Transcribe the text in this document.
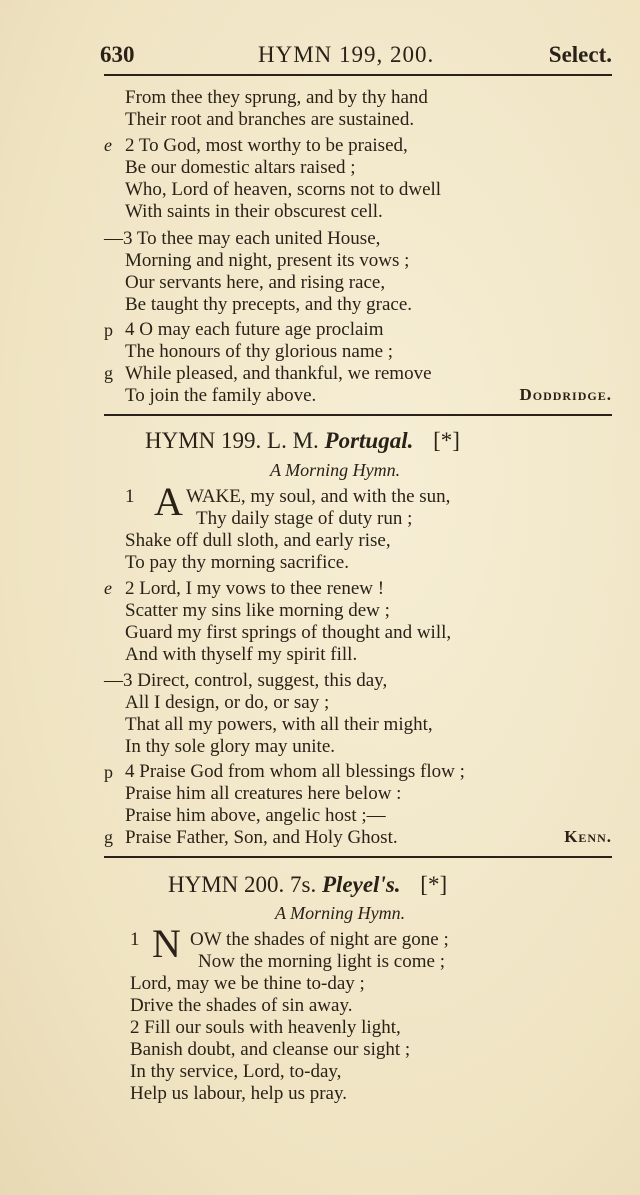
630	HYMN 199, 200.	Select.
From thee they sprung, and by thy hand
Their root and branches are sustained.
e 2 To God, most worthy to be praised,
Be our domestic altars raised ;
Who, Lord of heaven, scorns not to dwell
With saints in their obscurest cell.
—3 To thee may each united House,
Morning and night, present its vows ;
Our servants here, and rising race,
Be taught thy precepts, and thy grace.
p 4 O may each future age proclaim
The honours of thy glorious name ;
g While pleased, and thankful, we remove
To join the family above.	Doddridge.
HYMN 199. L. M. Portugal. [*]
A Morning Hymn.
1 A WAKE, my soul, and with the sun,
Thy daily stage of duty run ;
Shake off dull sloth, and early rise,
To pay thy morning sacrifice.
e 2 Lord, I my vows to thee renew !
Scatter my sins like morning dew ;
Guard my first springs of thought and will,
And with thyself my spirit fill.
—3 Direct, control, suggest, this day,
All I design, or do, or say ;
That all my powers, with all their might,
In thy sole glory may unite.
p 4 Praise God from whom all blessings flow ;
Praise him all creatures here below :
Praise him above, angelic host ;—
g Praise Father, Son, and Holy Ghost.	Kenn.
HYMN 200. 7s. Pleyel's. [*]
A Morning Hymn.
1 N OW the shades of night are gone ;
Now the morning light is come ;
Lord, may we be thine to-day ;
Drive the shades of sin away.
2 Fill our souls with heavenly light,
Banish doubt, and cleanse our sight ;
In thy service, Lord, to-day,
Help us labour, help us pray.
